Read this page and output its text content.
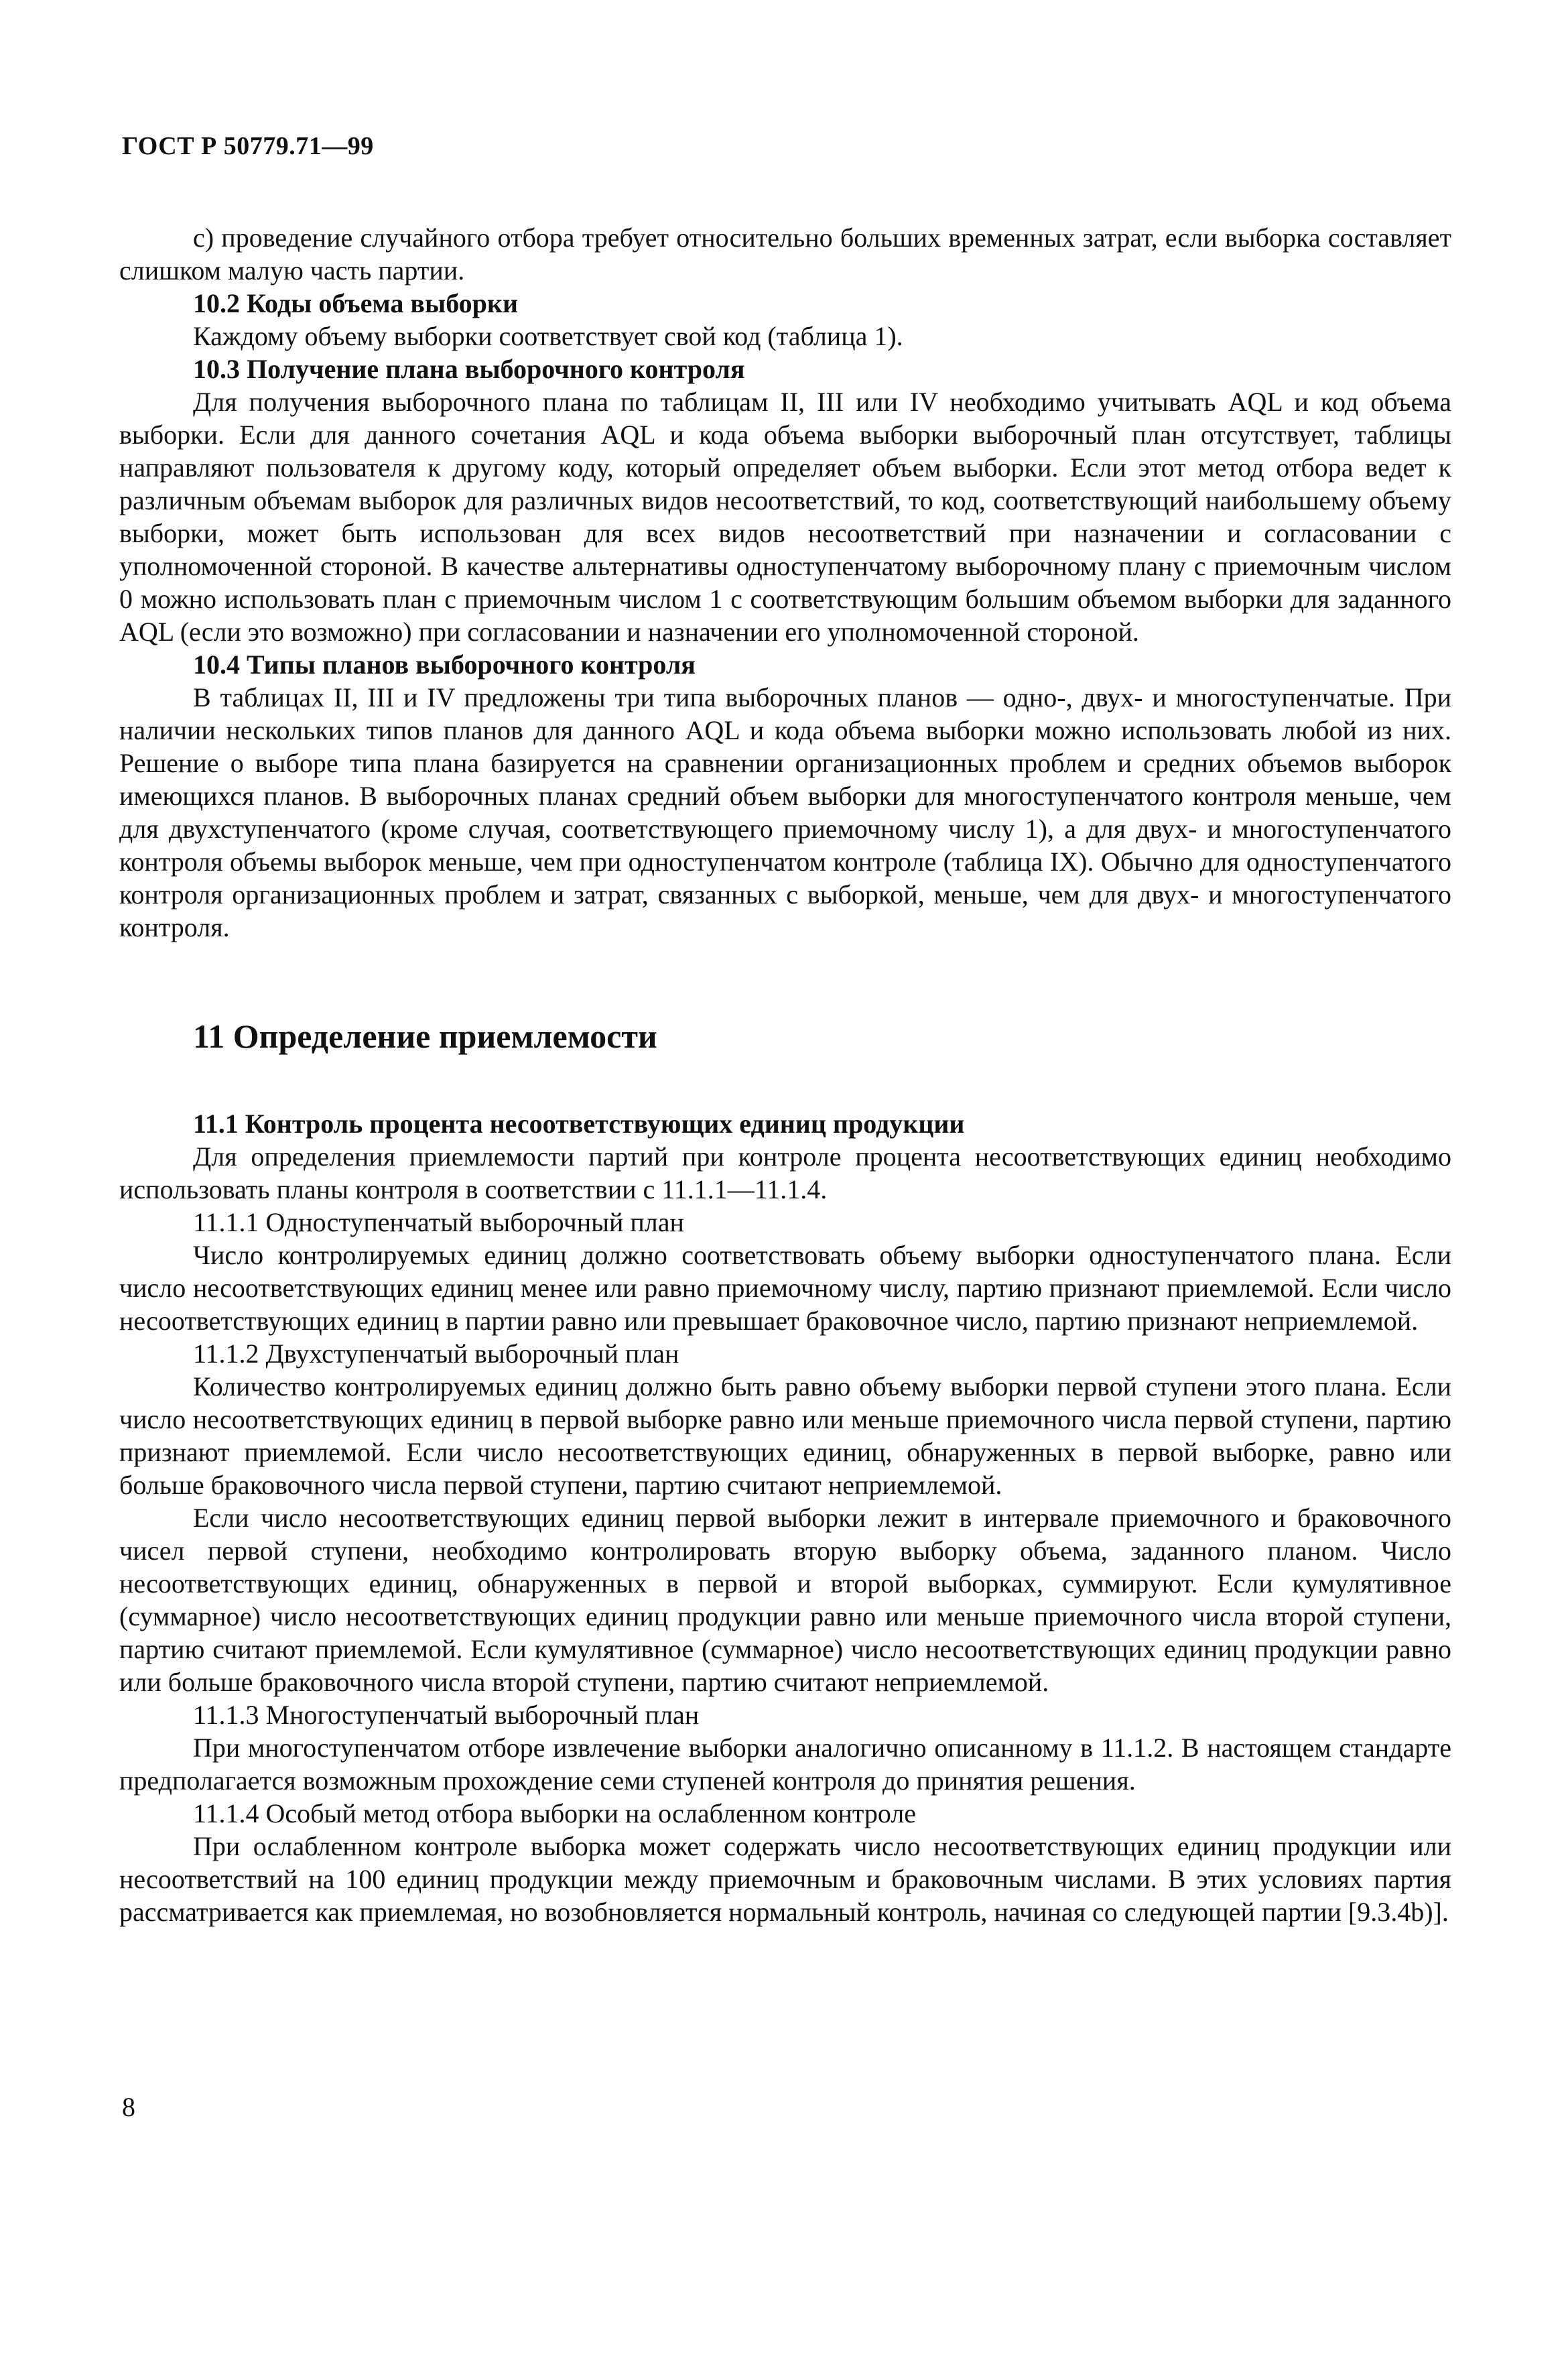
ГОСТ Р 50779.71—99

c) проведение случайного отбора требует относительно больших временных затрат, если выборка составляет слишком малую часть партии.

10.2 Коды объема выборки

Каждому объему выборки соответствует свой код (таблица 1).

10.3 Получение плана выборочного контроля

Для получения выборочного плана по таблицам II, III или IV необходимо учитывать AQL и код объема выборки. Если для данного сочетания AQL и кода объема выборки выборочный план отсутствует, таблицы направляют пользователя к другому коду, который определяет объем выборки. Если этот метод отбора ведет к различным объемам выборок для различных видов несоответствий, то код, соответствующий наибольшему объему выборки, может быть использован для всех видов несоответствий при назначении и согласовании с уполномоченной стороной. В качестве альтернативы одноступенчатому выборочному плану с приемочным числом 0 можно использовать план с приемочным числом 1 с соответствующим большим объемом выборки для заданного AQL (если это возможно) при согласовании и назначении его уполномоченной стороной.

10.4 Типы планов выборочного контроля

В таблицах II, III и IV предложены три типа выборочных планов — одно-, двух- и многоступенчатые. При наличии нескольких типов планов для данного AQL и кода объема выборки можно использовать любой из них. Решение о выборе типа плана базируется на сравнении организационных проблем и средних объемов выборок имеющихся планов. В выборочных планах средний объем выборки для многоступенчатого контроля меньше, чем для двухступенчатого (кроме случая, соответствующего приемочному числу 1), а для двух- и многоступенчатого контроля объемы выборок меньше, чем при одноступенчатом контроле (таблица IX). Обычно для одноступенчатого контроля организационных проблем и затрат, связанных с выборкой, меньше, чем для двух- и многоступенчатого контроля.

11 Определение приемлемости

11.1 Контроль процента несоответствующих единиц продукции

Для определения приемлемости партий при контроле процента несоответствующих единиц необходимо использовать планы контроля в соответствии с 11.1.1—11.1.4.

11.1.1 Одноступенчатый выборочный план

Число контролируемых единиц должно соответствовать объему выборки одноступенчатого плана. Если число несоответствующих единиц менее или равно приемочному числу, партию признают приемлемой. Если число несоответствующих единиц в партии равно или превышает браковочное число, партию признают неприемлемой.

11.1.2 Двухступенчатый выборочный план

Количество контролируемых единиц должно быть равно объему выборки первой ступени этого плана. Если число несоответствующих единиц в первой выборке равно или меньше приемочного числа первой ступени, партию признают приемлемой. Если число несоответствующих единиц, обнаруженных в первой выборке, равно или больше браковочного числа первой ступени, партию считают неприемлемой.

Если число несоответствующих единиц первой выборки лежит в интервале приемочного и браковочного чисел первой ступени, необходимо контролировать вторую выборку объема, заданного планом. Число несоответствующих единиц, обнаруженных в первой и второй выборках, суммируют. Если кумулятивное (суммарное) число несоответствующих единиц продукции равно или меньше приемочного числа второй ступени, партию считают приемлемой. Если кумулятивное (суммарное) число несоответствующих единиц продукции равно или больше браковочного числа второй ступени, партию считают неприемлемой.

11.1.3 Многоступенчатый выборочный план

При многоступенчатом отборе извлечение выборки аналогично описанному в 11.1.2. В настоящем стандарте предполагается возможным прохождение семи ступеней контроля до принятия решения.

11.1.4 Особый метод отбора выборки на ослабленном контроле

При ослабленном контроле выборка может содержать число несоответствующих единиц продукции или несоответствий на 100 единиц продукции между приемочным и браковочным числами. В этих условиях партия рассматривается как приемлемая, но возобновляется нормальный контроль, начиная со следующей партии [9.3.4b)].

8
